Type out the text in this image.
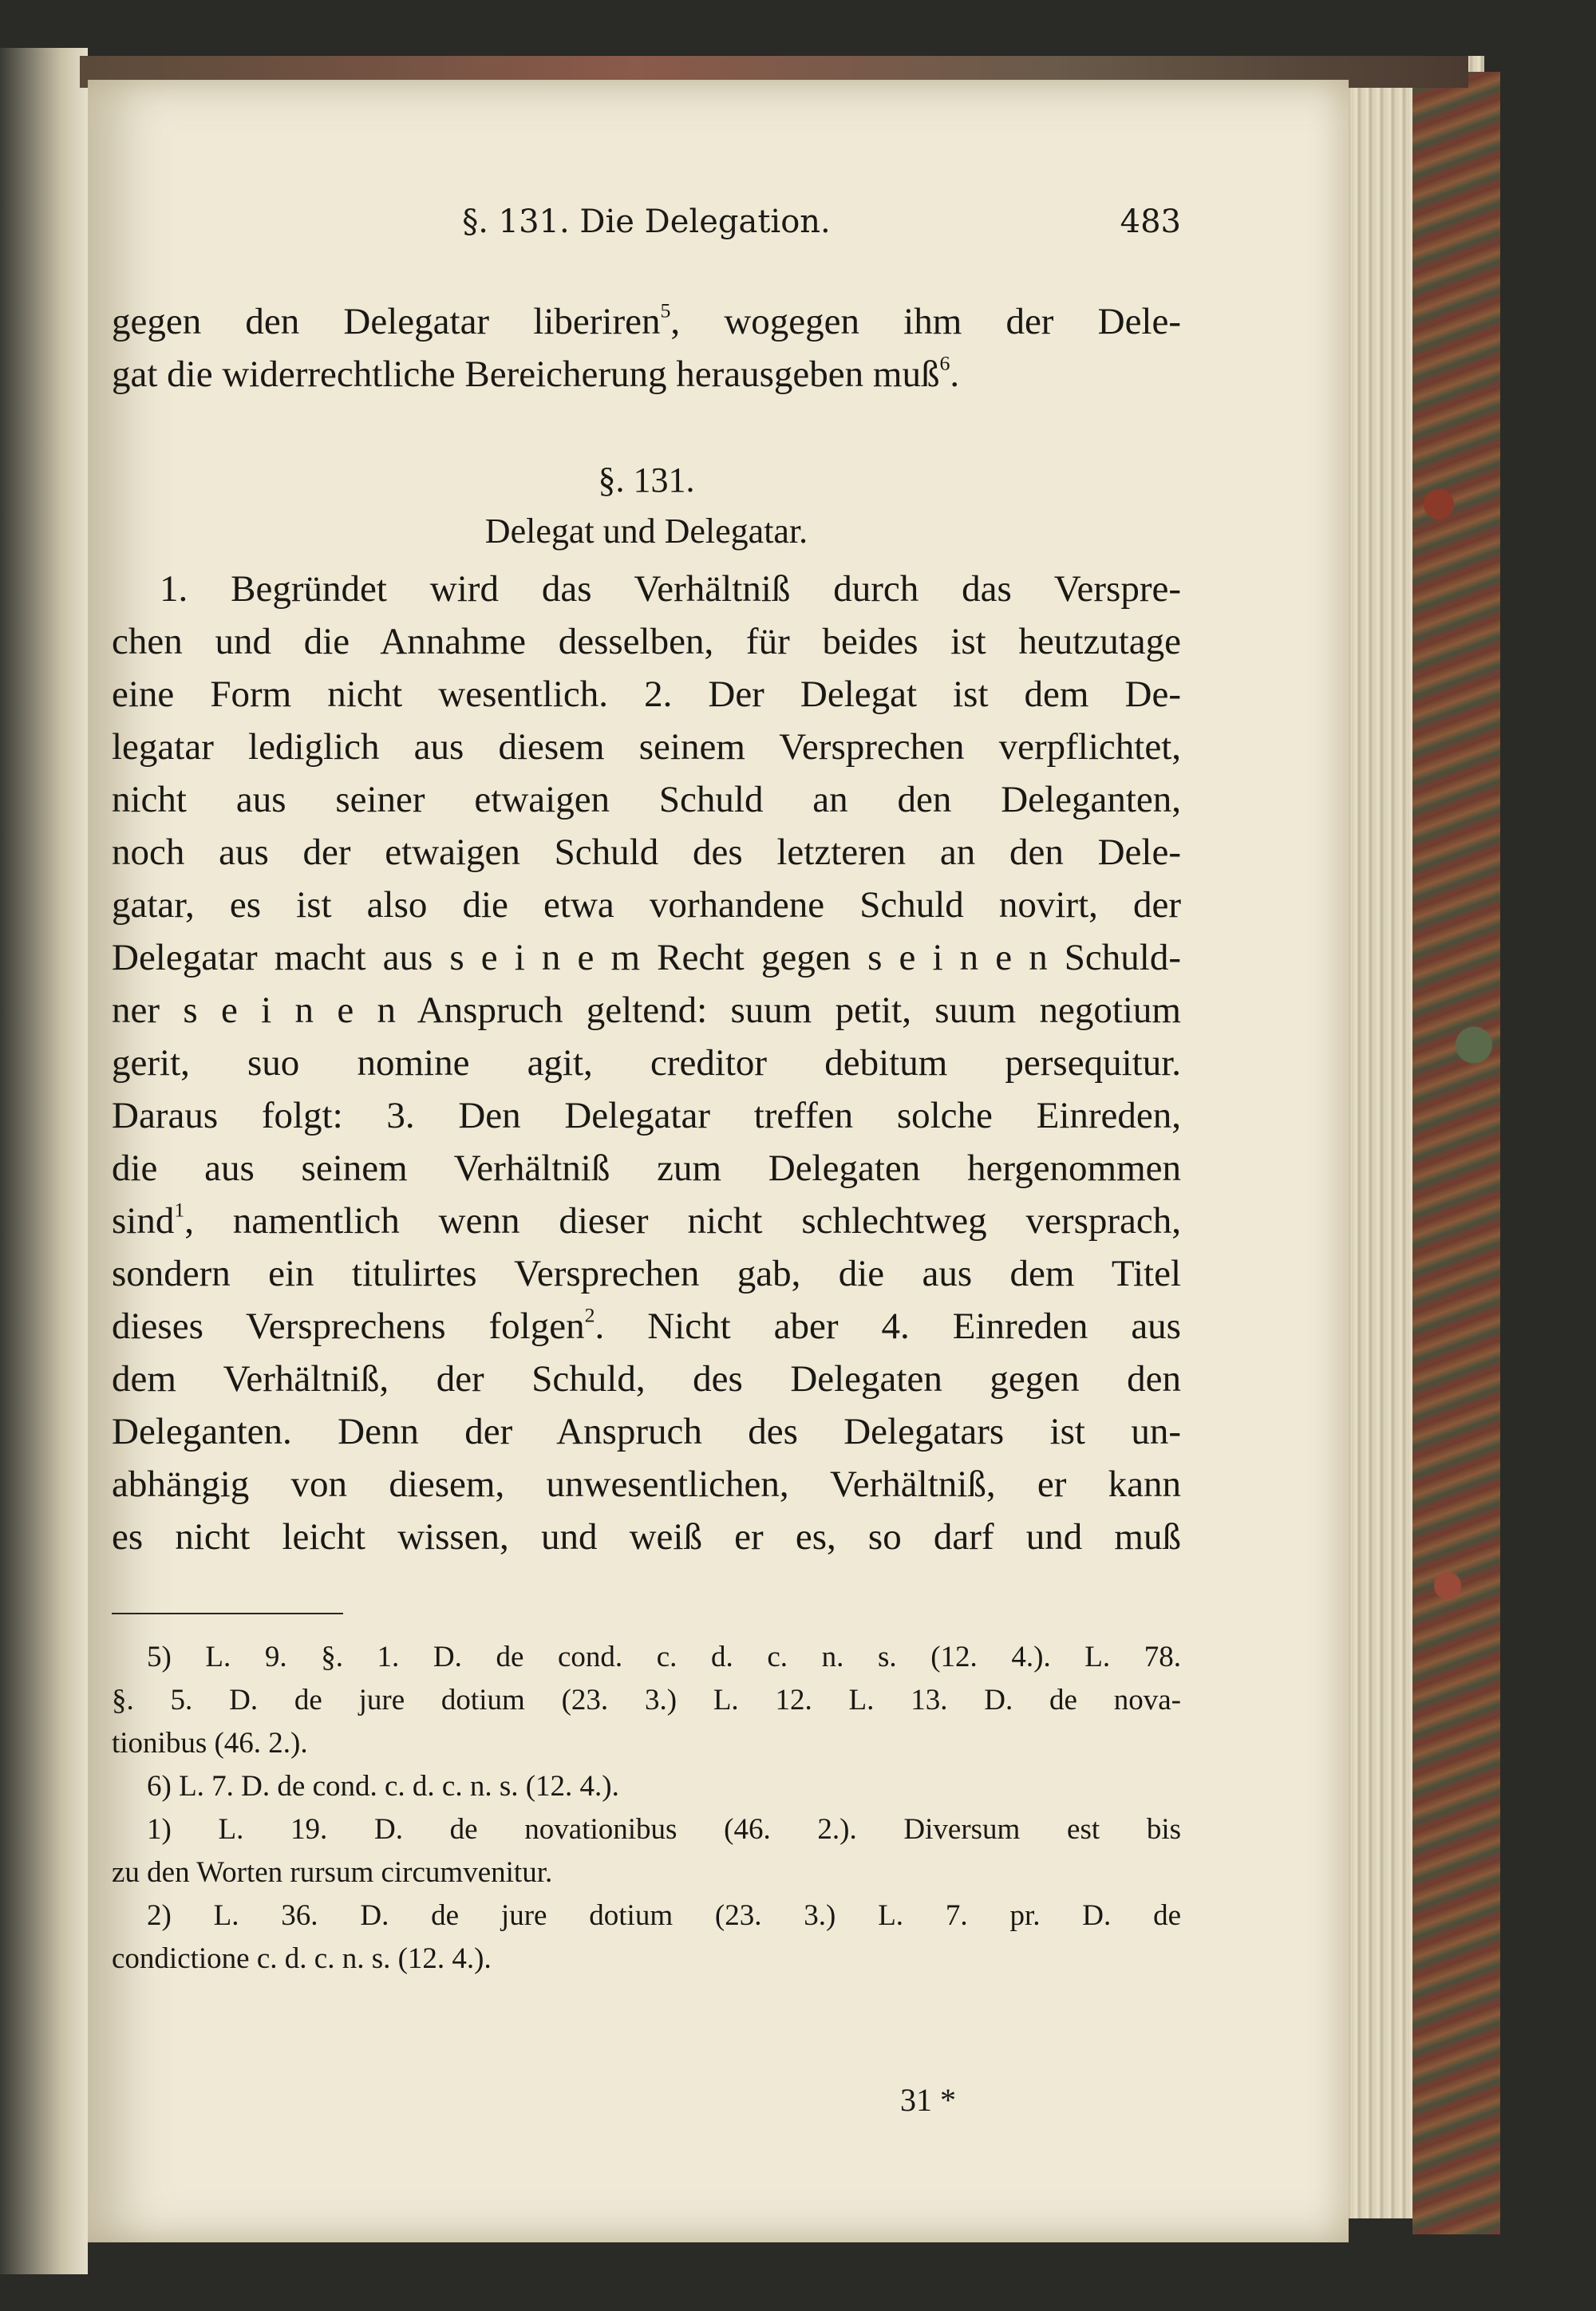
§. 131. Die Delegation.	483
gegen den Delegatar liberiren$^5$, wogegen ihm der Dele-
gat die widerrechtliche Bereicherung herausgeben muß$^6$.
§. 131.
Delegat und Delegatar.
1. Begründet wird das Verhältniß durch das Verspre-
chen und die Annahme desselben, für beides ist heutzutage
eine Form nicht wesentlich. 2. Der Delegat ist dem De-
legatar lediglich aus diesem seinem Versprechen verpflichtet,
nicht aus seiner etwaigen Schuld an den Deleganten,
noch aus der etwaigen Schuld des letzteren an den Dele-
gatar, es ist also die etwa vorhandene Schuld novirt, der
Delegatar macht aus s e i n e m Recht gegen s e i n e n Schuld-
ner s e i n e n Anspruch geltend: suum petit, suum negotium
gerit, suo nomine agit, creditor debitum persequitur.
Daraus folgt: 3. Den Delegatar treffen solche Einreden,
die aus seinem Verhältniß zum Delegaten hergenommen
sind$^1$, namentlich wenn dieser nicht schlechtweg versprach,
sondern ein titulirtes Versprechen gab, die aus dem Titel
dieses Versprechens folgen$^2$. Nicht aber 4. Einreden aus
dem Verhältniß, der Schuld, des Delegaten gegen den
Deleganten. Denn der Anspruch des Delegatars ist un-
abhängig von diesem, unwesentlichen, Verhältniß, er kann
es nicht leicht wissen, und weiß er es, so darf und muß
5) L. 9. §. 1. D. de cond. c. d. c. n. s. (12. 4.). L. 78.
§. 5. D. de jure dotium (23. 3.) L. 12. L. 13. D. de nova-
tionibus (46. 2.).
6) L. 7. D. de cond. c. d. c. n. s. (12. 4.).
1) L. 19. D. de novationibus (46. 2.). Diversum est bis
zu den Worten rursum circumvenitur.
2) L. 36. D. de jure dotium (23. 3.) L. 7. pr. D. de
condictione c. d. c. n. s. (12. 4.).
31 *
